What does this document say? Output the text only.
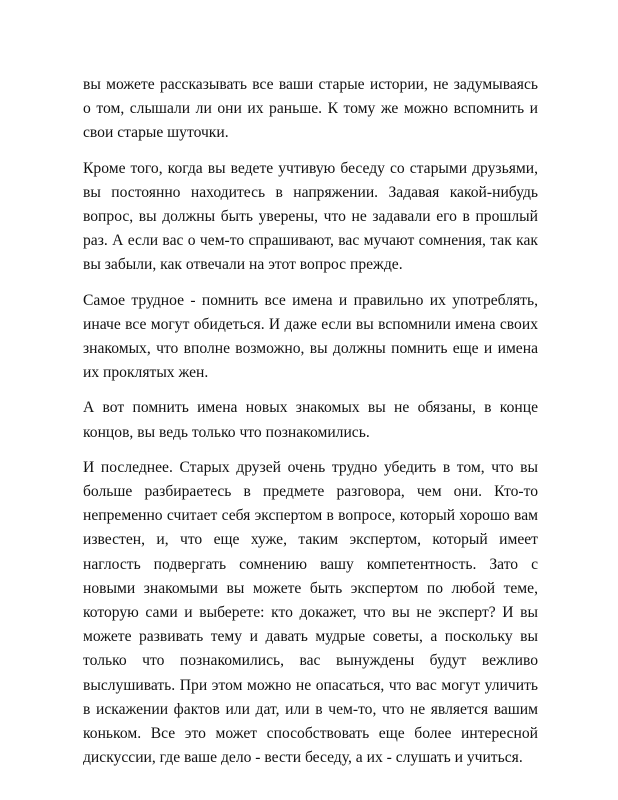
вы можете рассказывать все ваши старые истории, не задумываясь о том, слышали ли они их раньше. К тому же можно вспомнить и свои старые шуточки.

Кроме того, когда вы ведете учтивую беседу со старыми друзьями, вы постоянно находитесь в напряжении. Задавая какой-нибудь вопрос, вы должны быть уверены, что не задавали его в прошлый раз. А если вас о чем-то спрашивают, вас мучают сомнения, так как вы забыли, как отвечали на этот вопрос прежде.

Самое трудное - помнить все имена и правильно их употреблять, иначе все могут обидеться. И даже если вы вспомнили имена своих знакомых, что вполне возможно, вы должны помнить еще и имена их проклятых жен.

А вот помнить имена новых знакомых вы не обязаны, в конце концов, вы ведь только что познакомились.

И последнее. Старых друзей очень трудно убедить в том, что вы больше разбираетесь в предмете разговора, чем они. Кто-то непременно считает себя экспертом в вопросе, который хорошо вам известен, и, что еще хуже, таким экспертом, который имеет наглость подвергать сомнению вашу компетентность. Зато с новыми знакомыми вы можете быть экспертом по любой теме, которую сами и выберете: кто докажет, что вы не эксперт? И вы можете развивать тему и давать мудрые советы, а поскольку вы только что познакомились, вас вынуждены будут вежливо выслушивать. При этом можно не опасаться, что вас могут уличить в искажении фактов или дат, или в чем-то, что не является вашим коньком. Все это может способствовать еще более интересной дискуссии, где ваше дело - вести беседу, а их - слушать и учиться.
